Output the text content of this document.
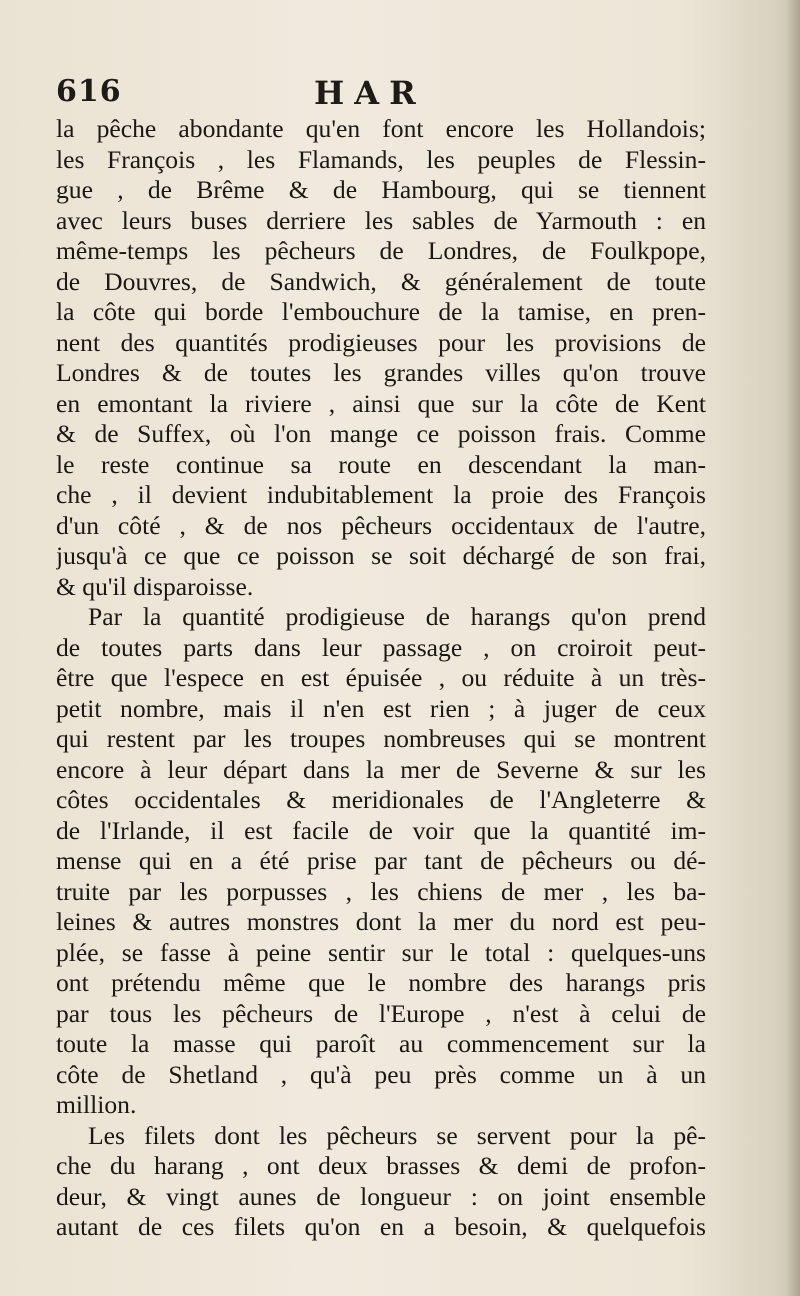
616	HAR
la pêche abondante qu'en font encore les Hollandois;
les François , les Flamands, les peuples de Flessin-
gue , de Brême & de Hambourg, qui se tiennent
avec leurs buses derriere les sables de Yarmouth : en
même-temps les pêcheurs de Londres, de Foulkpope,
de Douvres, de Sandwich, & généralement de toute
la côte qui borde l'embouchure de la tamise, en pren-
nent des quantités prodigieuses pour les provisions de
Londres & de toutes les grandes villes qu'on trouve
en emontant la riviere , ainsi que sur la côte de Kent
& de Suffex, où l'on mange ce poisson frais. Comme
le reste continue sa route en descendant la man-
che , il devient indubitablement la proie des François
d'un côté , & de nos pêcheurs occidentaux de l'autre,
jusqu'à ce que ce poisson se soit déchargé de son frai,
& qu'il disparoisse.
Par la quantité prodigieuse de harangs qu'on prend
de toutes parts dans leur passage , on croiroit peut-
être que l'espece en est épuisée , ou réduite à un très-
petit nombre, mais il n'en est rien ; à juger de ceux
qui restent par les troupes nombreuses qui se montrent
encore à leur départ dans la mer de Severne & sur les
côtes occidentales & meridionales de l'Angleterre &
de l'Irlande, il est facile de voir que la quantité im-
mense qui en a été prise par tant de pêcheurs ou dé-
truite par les porpusses , les chiens de mer , les ba-
leines & autres monstres dont la mer du nord est peu-
plée, se fasse à peine sentir sur le total : quelques-uns
ont prétendu même que le nombre des harangs pris
par tous les pêcheurs de l'Europe , n'est à celui de
toute la masse qui paroît au commencement sur la
côte de Shetland , qu'à peu près comme un à un
million.
Les filets dont les pêcheurs se servent pour la pê-
che du harang , ont deux brasses & demi de profon-
deur, & vingt aunes de longueur : on joint ensemble
autant de ces filets qu'on en a besoin, & quelquefois
